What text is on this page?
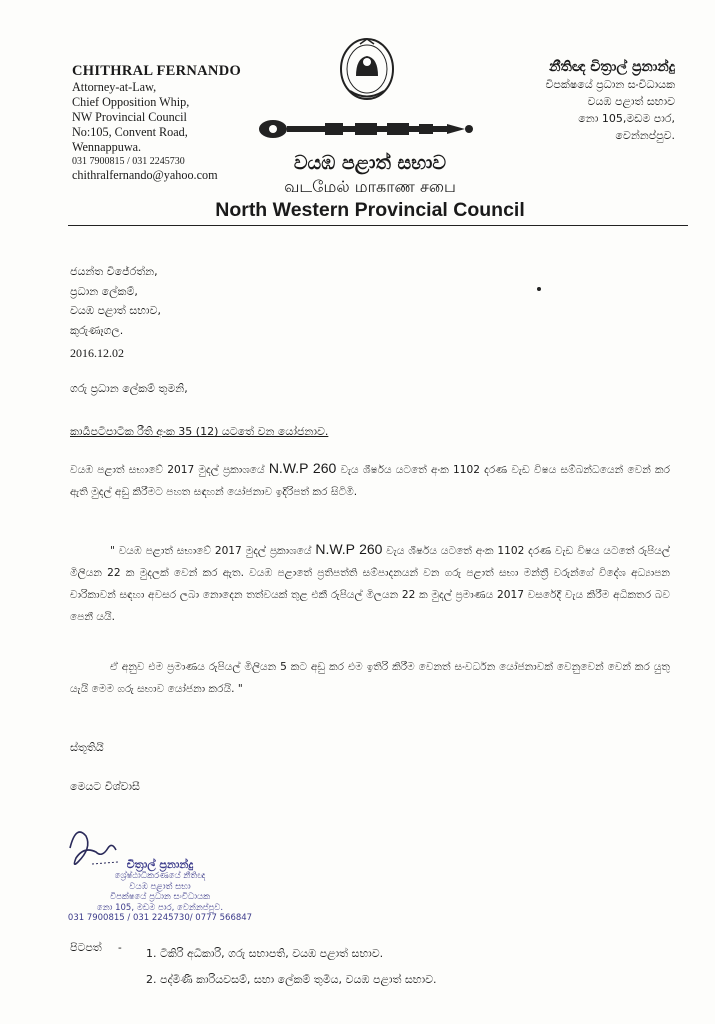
CHITHRAL FERNANDO
Attorney-at-Law,
Chief Opposition Whip,
NW Provincial Council
No:105, Convent Road,
Wennappuwa.
031 7900815 / 031 2245730
chithralfernando@yahoo.com
නීතිඥ චිත්‍රාල් ප්‍රනාන්දු
විපක්ෂයේ ප්‍රධාන සංවිධායක
වයඹ පළාත් සභාව
නො 105,මඩම පාර,
වෙන්නප්පුව.
වයඹ පළාත් සභාව
வடமேல் மாகாண சபை
North Western Provincial Council
ජයන්ත විජේරත්න,
ප්‍රධාන ලේකම්,
වයඹ පළාත් සභාව,
කුරුණෑගල.
2016.12.02
ගරු ප්‍රධාන ලේකම් තුමනි,
කාර්‍යපටිපාටික රීති අංක 35 (12) යටතේ වන යෝජනාව.
වයඹ පළාත් සභාවේ 2017 මුදල් ප්‍රකාශයේ N.W.P 260 වැය ශීර්ෂය යටතේ අංක 1102 දරණ වැඩ විෂය සම්බන්ධයෙන් වෙන් කර ඇති මුදල් අඩු කිරීමට පහත සඳහන් යෝජනාව ඉදිරිපත් කර සිටිමි.
" වයඹ පළාත් සභාවේ 2017 මුදල් ප්‍රකාශයේ N.W.P 260 වැය ශීර්ෂය යටතේ අංක 1102 දරණ වැඩ විෂය යටතේ රුපියල් මිලියන 22 ක මුදලක් වෙන් කර ඇත. වයඹ පළාතේ ප්‍රතිපත්ති සම්පාදනයන් වන ගරු පළාත් සභා මන්ත්‍රී වරුන්ගේ විදේශ අධ්‍යාපන චාරිකාවන් සඳහා අවසර ලබා නොදෙන තත්වයක් තුළ එකී රුපියල් මිලයන 22 ක මුදල් ප්‍රමාණය 2017 වසරේදී වැය කිරීම අධිකතර බව පෙනී යයි.
ඒ අනුව එම ප්‍රමාණය රුපියල් මිලියන 5 කට අඩු කර එම ඉතිරි කිරීම වෙනත් සංවර්ධන යෝජනාවක් වෙනුවෙන් වෙන් කර යුතු යැයි මෙම ගරු සභාව යෝජනා කරයි. "
ස්තූතියි
මෙයට විශ්වාසී
චිත්‍රාල් ප්‍රනාන්දු
ශ්‍රේෂ්ඨාධිකරණයේ නීතිඥ
වයඹ පළාත් සභා
විපක්ෂයේ ප්‍රධාන සංවිධායක
නො 105, මඩම පාර, වෙන්නප්පුව.
031 7900815 / 031 2245730/ 0777 566847
පිටපත් - 1. ටිකිරි අධිකාරි, ගරු සභාපති, වයඹ පළාත් සභාව.
2. පද්මිණී කාරියවසම්, සභා ලේකම් තුමිය, වයඹ පළාත් සභාව.
